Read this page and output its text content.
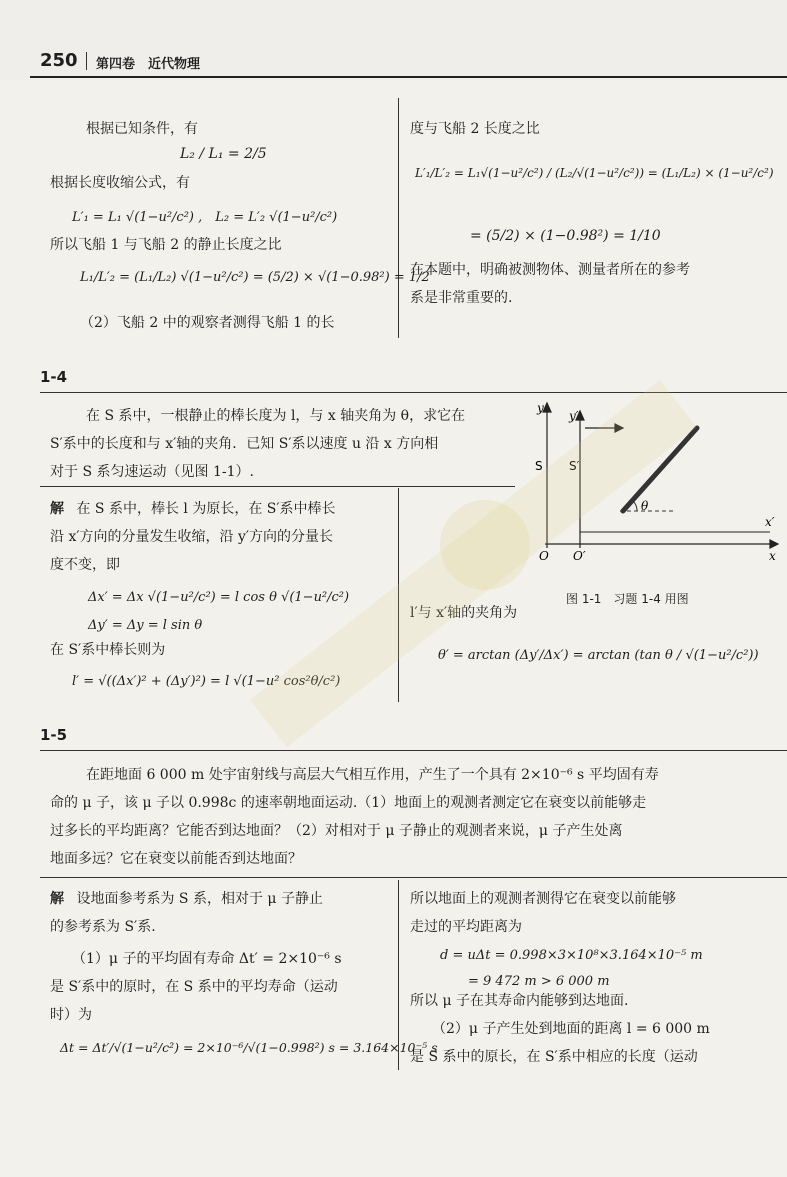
250 第四卷　近代物理
根据已知条件，有
L₂ / L₁ = 2/5
根据长度收缩公式，有
L′₁ = L₁ √(1−u²/c²) ,　L₂ = L′₂ √(1−u²/c²)
所以飞船 1 与飞船 2 的静止长度之比
L₁/L′₂ = (L₁/L₂) √(1−u²/c²) = (5/2) × √(1−0.98²) = 1/2
（2）飞船 2 中的观察者测得飞船 1 的长
度与飞船 2 长度之比
L′₁/L′₂ = L₁√(1−u²/c²) / (L₂/√(1−u²/c²)) = (L₁/L₂) × (1−u²/c²)
= (5/2) × (1−0.98²) = 1/10
在本题中，明确被测物体、测量者所在的参考
系是非常重要的.
1-4
在 S 系中，一根静止的棒长度为 l，与 x 轴夹角为 θ，求它在
S′系中的长度和与 x′轴的夹角．已知 S′系以速度 u 沿 x 方向相
对于 S 系匀速运动（见图 1-1）.
解 在 S 系中，棒长 l 为原长，在 S′系中棒长
沿 x′方向的分量发生收缩，沿 y′方向的分量长
度不变，即
Δx′ = Δx √(1−u²/c²) = l cos θ √(1−u²/c²)
Δy′ = Δy = l sin θ
在 S′系中棒长则为
l′ = √((Δx′)² + (Δy′)²) = l √(1−u² cos²θ/c²)
y
y′
S S′
θ
x′
x
O O′
图 1-1　习题 1-4 用图
l′与 x′轴的夹角为
θ′ = arctan (Δy′/Δx′) = arctan (tan θ / √(1−u²/c²))
1-5
在距地面 6 000 m 处宇宙射线与高层大气相互作用，产生了一个具有 2×10⁻⁶ s 平均固有寿
命的 μ 子，该 μ 子以 0.998c 的速率朝地面运动.（1）地面上的观测者测定它在衰变以前能够走
过多长的平均距离？它能否到达地面？（2）对相对于 μ 子静止的观测者来说，μ 子产生处离
地面多远？它在衰变以前能否到达地面？
解 设地面参考系为 S 系，相对于 μ 子静止
的参考系为 S′系.
（1）μ 子的平均固有寿命 Δt′ = 2×10⁻⁶ s
是 S′系中的原时，在 S 系中的平均寿命（运动
时）为
Δt = Δt′/√(1−u²/c²) = 2×10⁻⁶/√(1−0.998²) s = 3.164×10⁻⁵ s
所以地面上的观测者测得它在衰变以前能够
走过的平均距离为
d = uΔt = 0.998×3×10⁸×3.164×10⁻⁵ m
= 9 472 m > 6 000 m
所以 μ 子在其寿命内能够到达地面.
（2）μ 子产生处到地面的距离 l = 6 000 m
是 S 系中的原长，在 S′系中相应的长度（运动
